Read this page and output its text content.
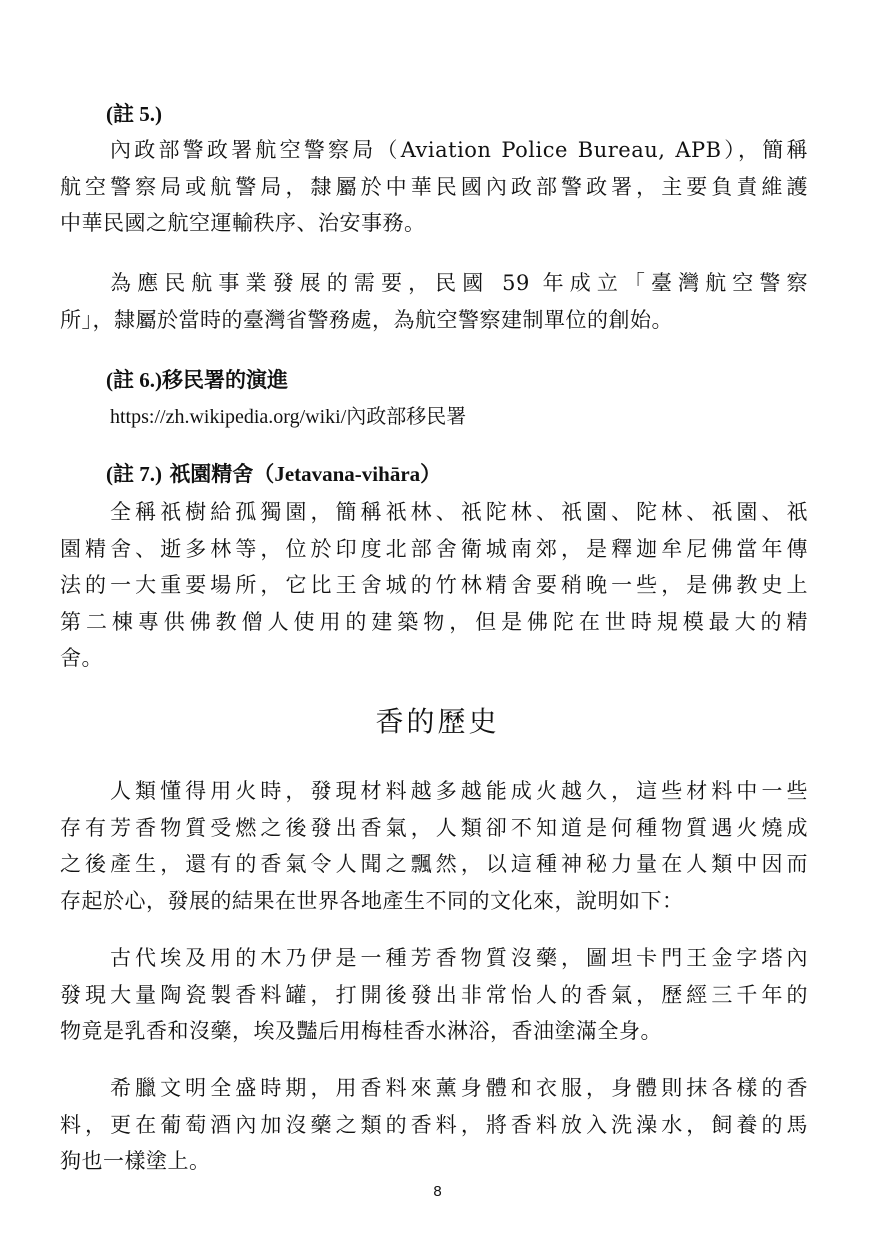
(註 5.)

內政部警政署航空警察局（Aviation Police Bureau, APB），簡稱
航空警察局或航警局，隸屬於中華民國內政部警政署，主要負責維護
中華民國之航空運輸秩序、治安事務。
為應民航事業發展的需要，民國 59 年成立「臺灣航空警察
所」，隸屬於當時的臺灣省警務處，為航空警察建制單位的創始。

(註 6.)移民署的演進

https://zh.wikipedia.org/wiki/內政部移民署

(註 7.) 祇園精舍（Jetavana-vihāra）

全稱祇樹給孤獨園，簡稱祇林、祇陀林、祇園、陀林、祇園、祇
園精舍、逝多林等，位於印度北部舍衛城南郊，是釋迦牟尼佛當年傳
法的一大重要場所，它比王舍城的竹林精舍要稍晚一些，是佛教史上
第二棟專供佛教僧人使用的建築物，但是佛陀在世時規模最大的精
舍。
香的歷史
人類懂得用火時，發現材料越多越能成火越久，這些材料中一些
存有芳香物質受燃之後發出香氣，人類卻不知道是何種物質遇火燒成
之後產生，還有的香氣令人聞之飄然，以這種神秘力量在人類中因而
存起於心，發展的結果在世界各地產生不同的文化來，說明如下：
古代埃及用的木乃伊是一種芳香物質沒藥，圖坦卡門王金字塔內
發現大量陶瓷製香料罐，打開後發出非常怡人的香氣，歷經三千年的
物竟是乳香和沒藥，埃及豔后用梅桂香水淋浴，香油塗滿全身。
希臘文明全盛時期，用香料來薰身體和衣服，身體則抹各樣的香
料，更在葡萄酒內加沒藥之類的香料，將香料放入洗澡水，飼養的馬
狗也一樣塗上。
8
